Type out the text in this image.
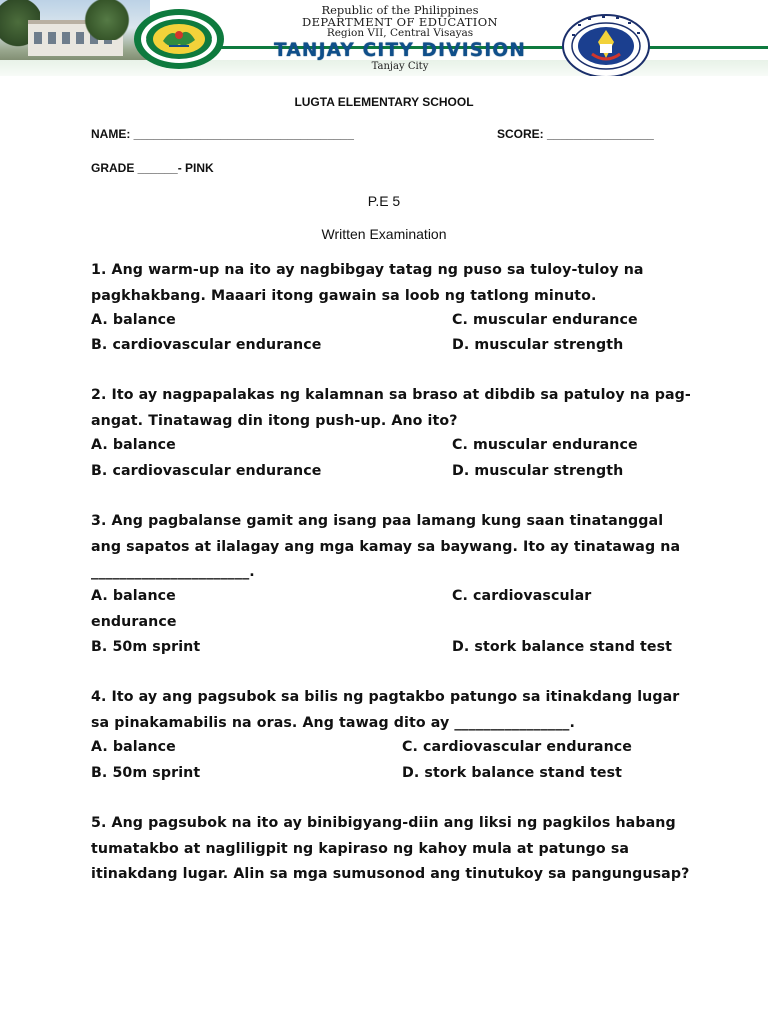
Republic of the Philippines
DEPARTMENT OF EDUCATION
Region VII, Central Visayas
TANJAY CITY DIVISION
Tanjay City
LUGTA ELEMENTARY SCHOOL
NAME: _________________________________	SCORE: ________________
GRADE ______- PINK
P.E 5
Written Examination
1. Ang warm-up na ito ay nagbibgay tatag ng puso sa tuloy-tuloy na pagkhakbang. Maaari itong gawain sa loob ng tatlong minuto.
A. balance	C. muscular endurance
B. cardiovascular endurance	D. muscular strength
2. Ito ay nagpapalakas ng kalamnan sa braso at dibdib sa patuloy na pag-angat. Tinatawag din itong push-up. Ano ito?
A. balance	C. muscular endurance
B. cardiovascular endurance	D. muscular strength
3. Ang pagbalanse gamit ang isang paa lamang kung saan tinatanggal ang sapatos at ilalagay ang mga kamay sa baywang. Ito ay tinatawag na ______________________.
A. balance	C. cardiovascular
endurance
B. 50m sprint	D. stork balance stand test
4. Ito ay ang pagsubok sa bilis ng pagtakbo patungo sa itinakdang lugar sa pinakamabilis na oras. Ang tawag dito ay ________________.
A. balance	C. cardiovascular endurance
B. 50m sprint	D. stork balance stand test
5. Ang pagsubok na ito ay binibigyang-diin ang liksi ng pagkilos habang tumatakbo at nagliligpit ng kapiraso ng kahoy mula at patungo sa itinakdang lugar. Alin sa mga sumusonod ang tinutukoy sa pangungusap?
